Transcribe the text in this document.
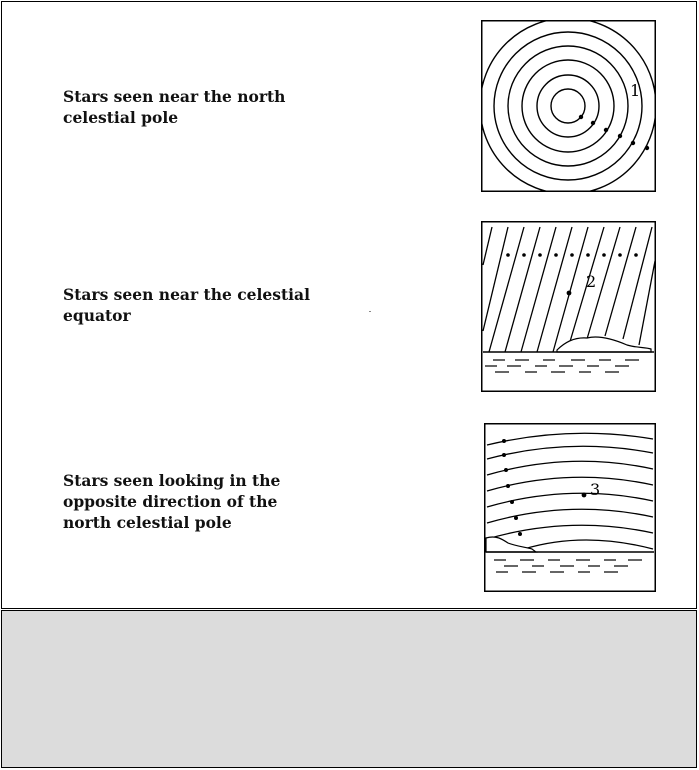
Stars seen near the north
celestial pole
Stars seen near the celestial
equator
Stars seen looking in the
opposite direction of the
north celestial pole
1
2
3
